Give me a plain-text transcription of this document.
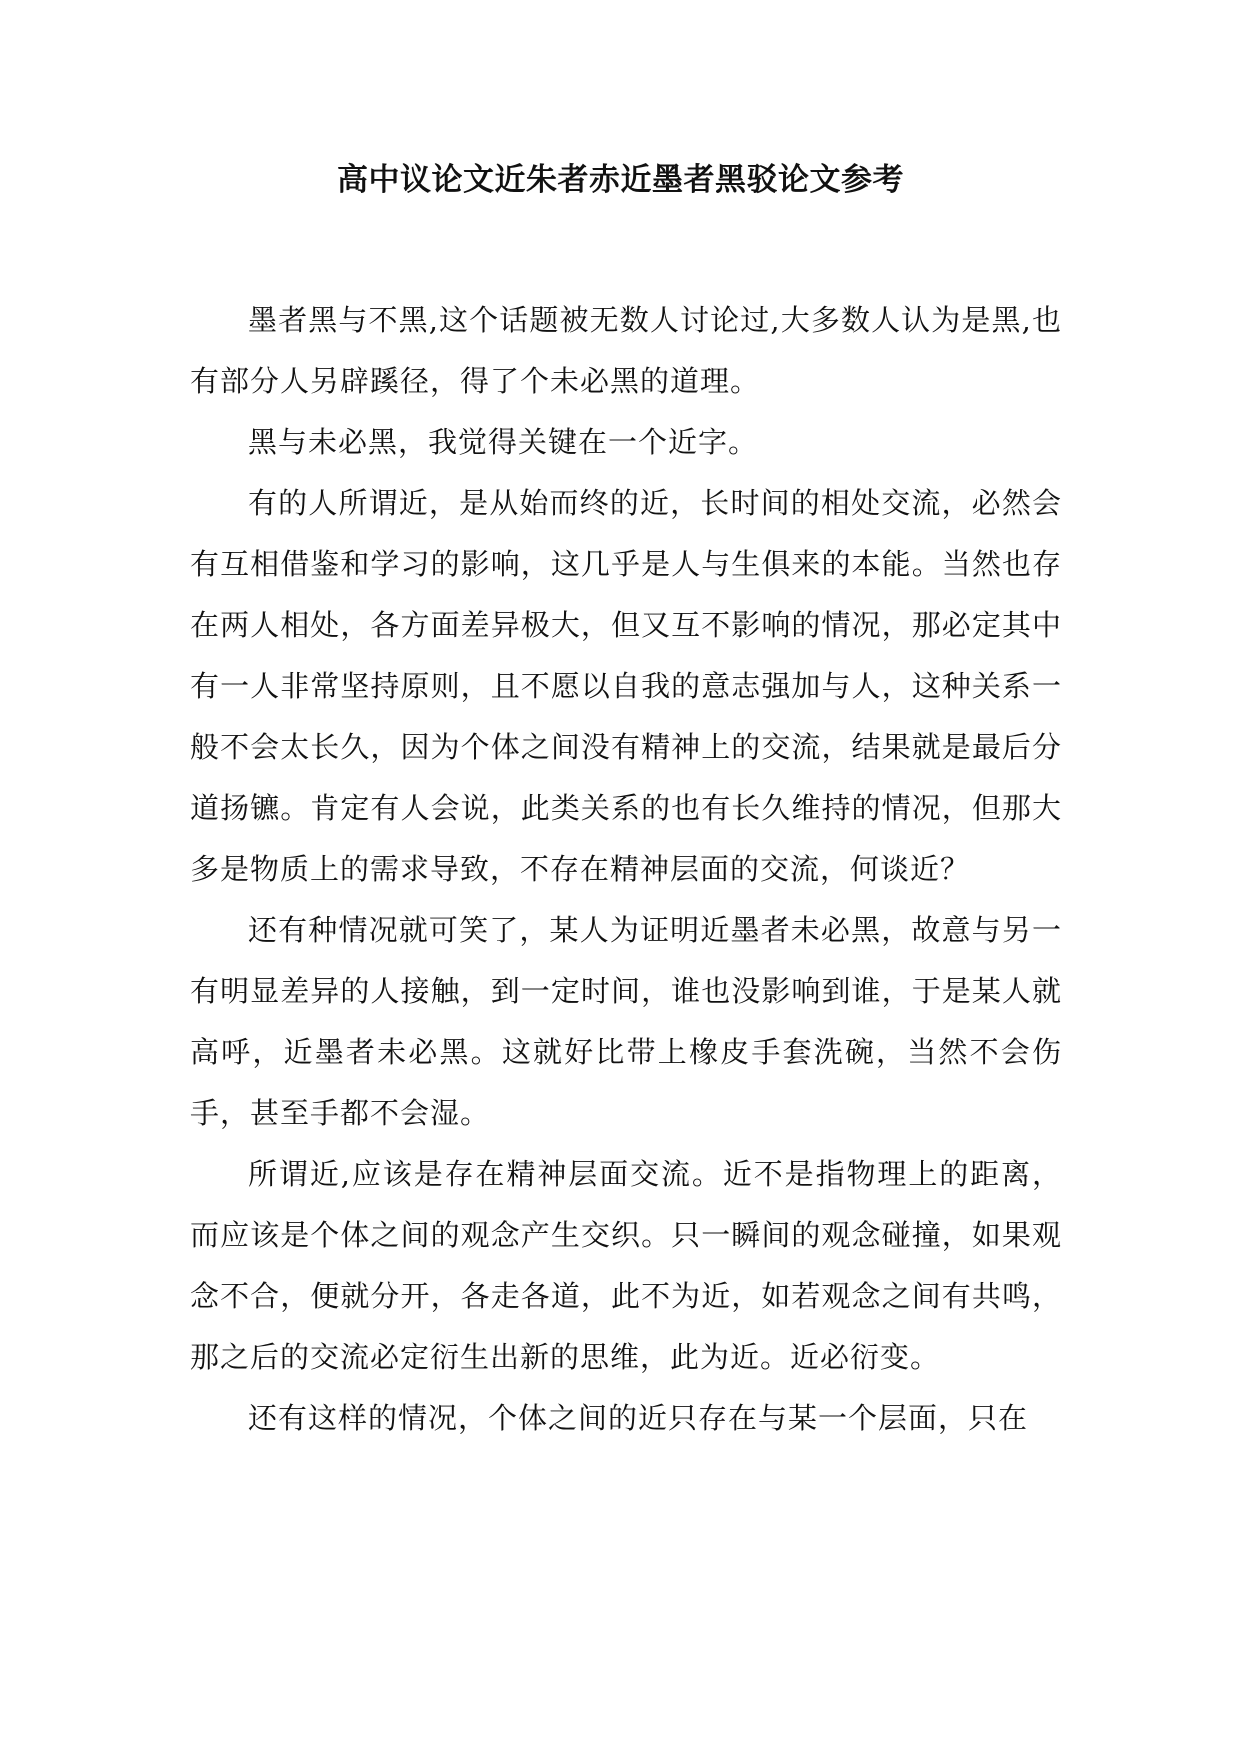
高中议论文近朱者赤近墨者黑驳论文参考

墨者黑与不黑,这个话题被无数人讨论过,大多数人认为是黑,也有部分人另辟蹊径，得了个未必黑的道理。

黑与未必黑，我觉得关键在一个近字。

有的人所谓近，是从始而终的近，长时间的相处交流，必然会有互相借鉴和学习的影响，这几乎是人与生俱来的本能。当然也存在两人相处，各方面差异极大，但又互不影响的情况，那必定其中有一人非常坚持原则，且不愿以自我的意志强加与人，这种关系一般不会太长久，因为个体之间没有精神上的交流，结果就是最后分道扬镳。肯定有人会说，此类关系的也有长久维持的情况，但那大多是物质上的需求导致，不存在精神层面的交流，何谈近？

还有种情况就可笑了，某人为证明近墨者未必黑，故意与另一有明显差异的人接触，到一定时间，谁也没影响到谁，于是某人就高呼，近墨者未必黑。这就好比带上橡皮手套洗碗，当然不会伤手，甚至手都不会湿。

所谓近,应该是存在精神层面交流。近不是指物理上的距离，而应该是个体之间的观念产生交织。只一瞬间的观念碰撞，如果观念不合，便就分开，各走各道，此不为近，如若观念之间有共鸣，那之后的交流必定衍生出新的思维，此为近。近必衍变。

还有这样的情况，个体之间的近只存在与某一个层面，只在
